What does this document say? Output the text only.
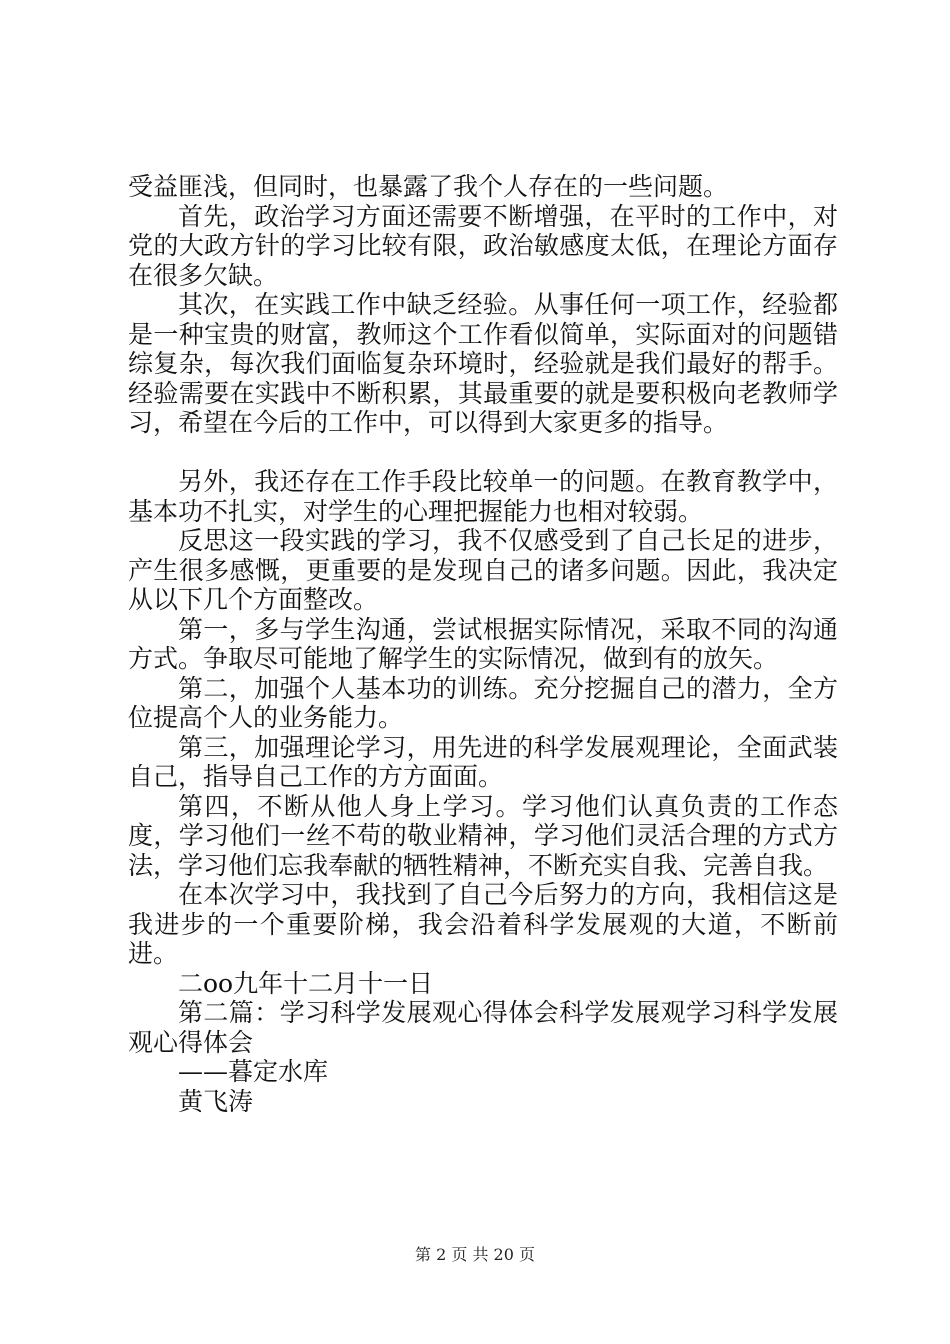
受益匪浅，但同时，也暴露了我个人存在的一些问题。

首先，政治学习方面还需要不断增强，在平时的工作中，对党的大政方针的学习比较有限，政治敏感度太低，在理论方面存在很多欠缺。

其次，在实践工作中缺乏经验。从事任何一项工作，经验都是一种宝贵的财富，教师这个工作看似简单，实际面对的问题错综复杂，每次我们面临复杂环境时，经验就是我们最好的帮手。经验需要在实践中不断积累，其最重要的就是要积极向老教师学习，希望在今后的工作中，可以得到大家更多的指导。

另外，我还存在工作手段比较单一的问题。在教育教学中，基本功不扎实，对学生的心理把握能力也相对较弱。

反思这一段实践的学习，我不仅感受到了自己长足的进步，产生很多感慨，更重要的是发现自己的诸多问题。因此，我决定从以下几个方面整改。

第一，多与学生沟通，尝试根据实际情况，采取不同的沟通方式。争取尽可能地了解学生的实际情况，做到有的放矢。

第二，加强个人基本功的训练。充分挖掘自己的潜力，全方位提高个人的业务能力。

第三，加强理论学习，用先进的科学发展观理论，全面武装自己，指导自己工作的方方面面。

第四，不断从他人身上学习。学习他们认真负责的工作态度，学习他们一丝不苟的敬业精神，学习他们灵活合理的方式方法，学习他们忘我奉献的牺牲精神，不断充实自我、完善自我。

在本次学习中，我找到了自己今后努力的方向，我相信这是我进步的一个重要阶梯，我会沿着科学发展观的大道，不断前进。

二oo九年十二月十一日

第二篇：学习科学发展观心得体会科学发展观学习科学发展观心得体会

——暮定水库

黄飞涛

第 2 页 共 20 页
